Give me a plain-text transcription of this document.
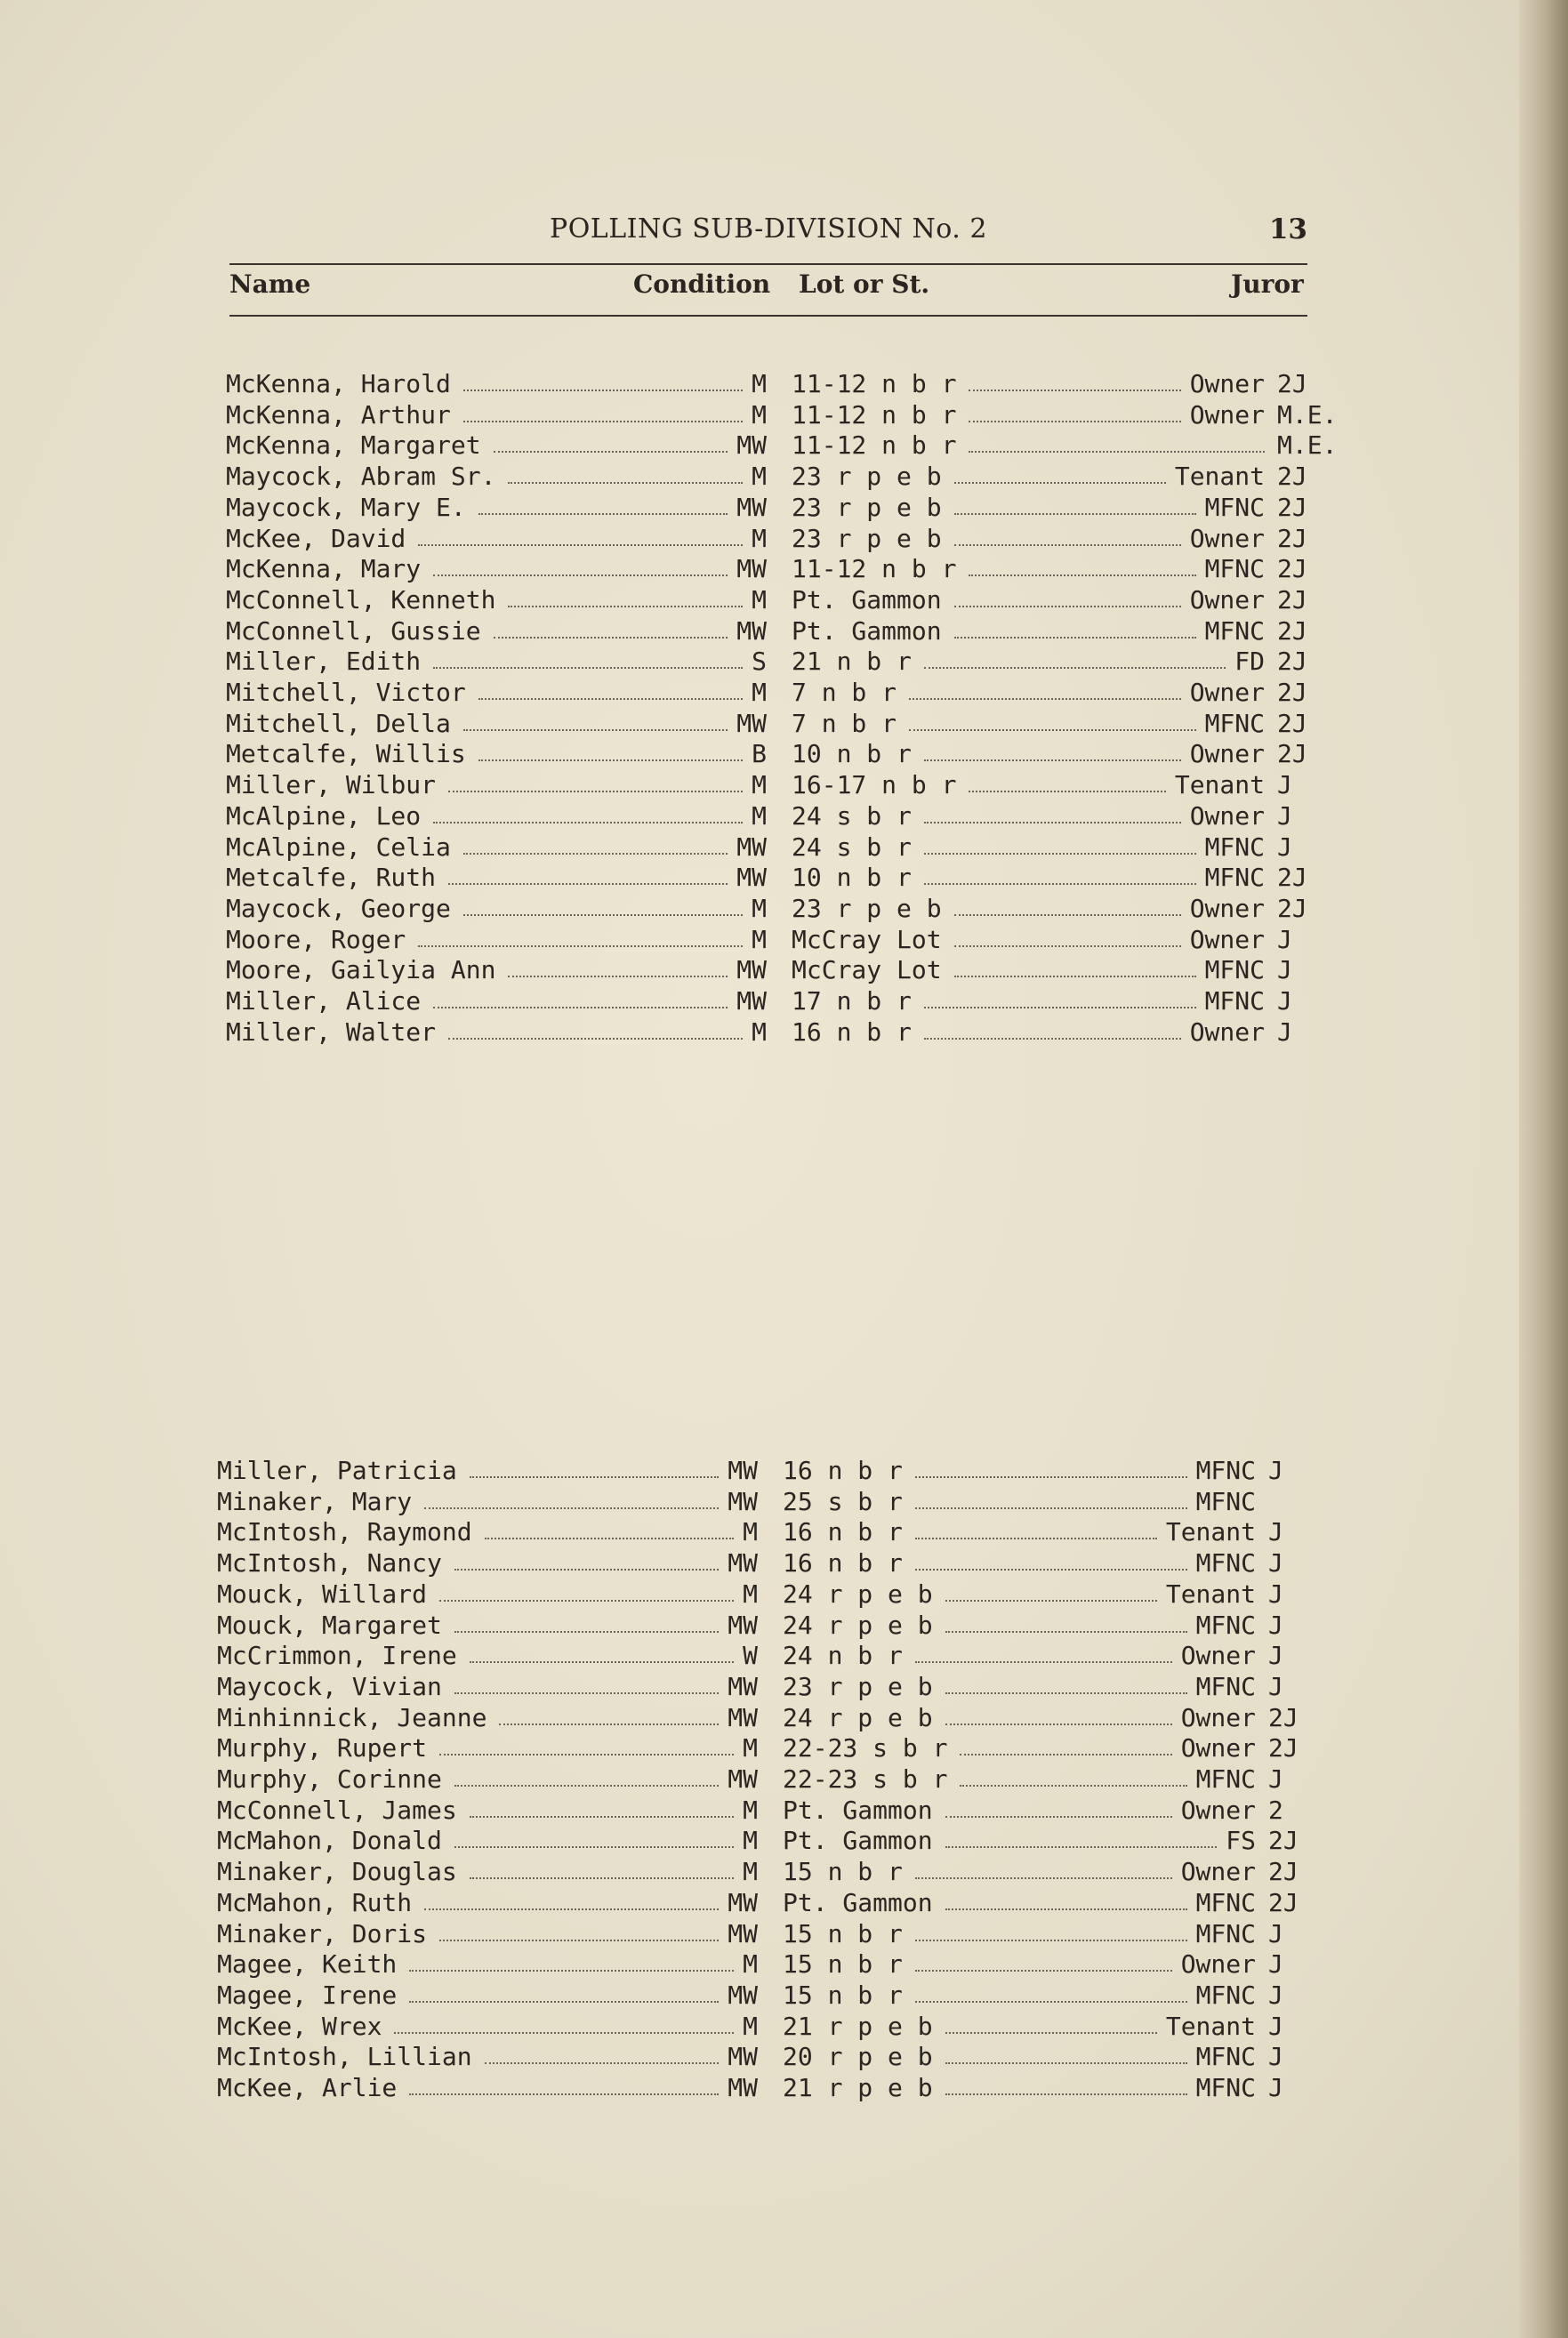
POLLING SUB-DIVISION No. 2	13
Name	Condition Lot or St.	Juror
McKenna, Harold	M 11-12 n b r	Owner 2J
McKenna, Arthur	M 11-12 n b r	Owner M.E.
McKenna, Margaret	MW 11-12 n b r	M.E.
Maycock, Abram Sr.	M 23 r p e b	Tenant 2J
Maycock, Mary E.	MW 23 r p e b	MFNC 2J
McKee, David	M 23 r p e b	Owner 2J
McKenna, Mary	MW 11-12 n b r	MFNC 2J
McConnell, Kenneth	M Pt. Gammon	Owner 2J
McConnell, Gussie	MW Pt. Gammon	MFNC 2J
Miller, Edith	S 21 n b r	FD 2J
Mitchell, Victor	M 7 n b r	Owner 2J
Mitchell, Della	MW 7 n b r	MFNC 2J
Metcalfe, Willis	B 10 n b r	Owner 2J
Miller, Wilbur	M 16-17 n b r	Tenant J
McAlpine, Leo	M 24 s b r	Owner J
McAlpine, Celia	MW 24 s b r	MFNC J
Metcalfe, Ruth	MW 10 n b r	MFNC 2J
Maycock, George	M 23 r p e b	Owner 2J
Moore, Roger	M McCray Lot	Owner J
Moore, Gailyia Ann	MW McCray Lot	MFNC J
Miller, Alice	MW 17 n b r	MFNC J
Miller, Walter	M 16 n b r	Owner J
Miller, Patricia	MW 16 n b r	MFNC J
Minaker, Mary	MW 25 s b r	MFNC
McIntosh, Raymond	M 16 n b r	Tenant J
McIntosh, Nancy	MW 16 n b r	MFNC J
Mouck, Willard	M 24 r p e b	Tenant J
Mouck, Margaret	MW 24 r p e b	MFNC J
McCrimmon, Irene	W 24 n b r	Owner J
Maycock, Vivian	MW 23 r p e b	MFNC J
Minhinnick, Jeanne	MW 24 r p e b	Owner 2J
Murphy, Rupert	M 22-23 s b r	Owner 2J
Murphy, Corinne	MW 22-23 s b r	MFNC J
McConnell, James	M Pt. Gammon	Owner 2
McMahon, Donald	M Pt. Gammon	FS 2J
Minaker, Douglas	M 15 n b r	Owner 2J
McMahon, Ruth	MW Pt. Gammon	MFNC 2J
Minaker, Doris	MW 15 n b r	MFNC J
Magee, Keith	M 15 n b r	Owner J
Magee, Irene	MW 15 n b r	MFNC J
McKee, Wrex	M 21 r p e b	Tenant J
McIntosh, Lillian	MW 20 r p e b	MFNC J
McKee, Arlie	MW 21 r p e b	MFNC J
